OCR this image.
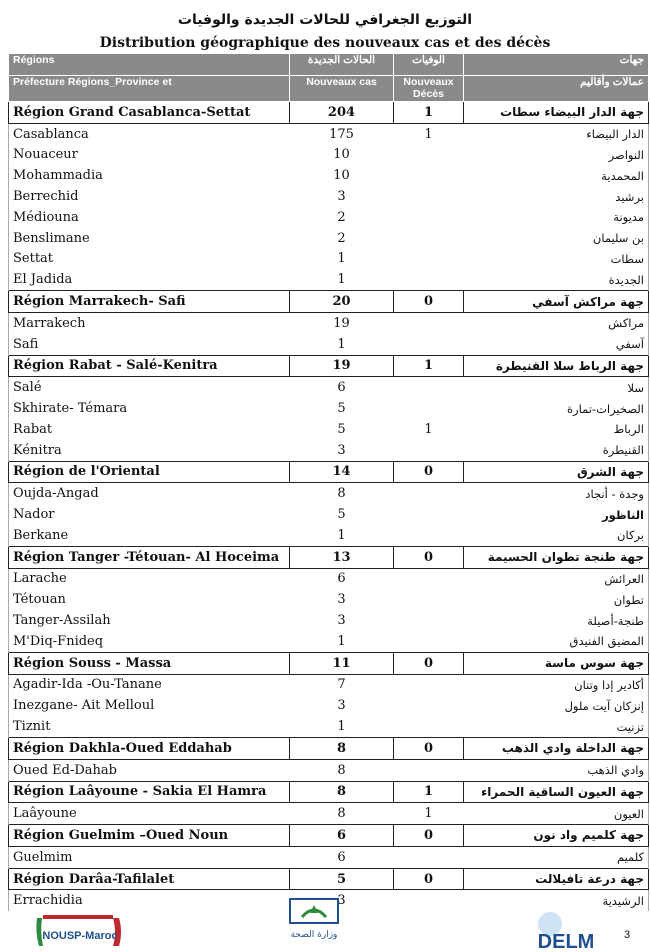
التوزيع الجغرافي للحالات الجديدة والوفيات
Distribution géographique des nouveaux cas et des décès
Régions	الحالات الجديدة	الوفيات	جهات
Préfecture Régions_Province et	Nouveaux cas	Nouveaux Décès	عمالات وأقاليم
Région Grand Casablanca-Settat	204	1	جهة الدار البيضاء سطات
Casablanca	175	1	الدار البيضاء
Nouaceur	10		النواصر
Mohammadia	10		المحمدية
Berrechid	3		برشيد
Médiouna	2		مديونة
Benslimane	2		بن سليمان
Settat	1		سطات
El Jadida	1		الجديدة
Région Marrakech- Safi	20	0	جهة مراكش آسفي
Marrakech	19		مراكش
Safi	1		آسفي
Région Rabat - Salé-Kenitra	19	1	جهة الرباط سلا القنيطرة
Salé	6		سلا
Skhirate- Témara	5		الصخيرات-تمارة
Rabat	5	1	الرباط
Kénitra	3		القنيطرة
Région de l'Oriental	14	0	جهة الشرق
Oujda-Angad	8		وجدة - أنجاد
Nador	5		الناظور
Berkane	1		بركان
Région Tanger -Tétouan- Al Hoceima	13	0	جهة طنجة تطوان الحسيمة
Larache	6		العرائش
Tétouan	3		تطوان
Tanger-Assilah	3		طنجة-أصيلة
M'Diq-Fnideq	1		المضيق الفنيدق
Région Souss - Massa	11	0	جهة سوس ماسة
Agadir-Ida -Ou-Tanane	7		أكادير إدا وتنان
Inezgane- Ait Melloul	3		إنزكان آيت ملول
Tiznit	1		تزنيت
Région Dakhla-Oued Eddahab	8	0	جهة الداخلة وادي الذهب
Oued Ed-Dahab	8		وادي الذهب
Région Laâyoune - Sakia El Hamra	8	1	جهة العيون الساقية الحمراء
Laâyoune	8	1	العيون
Région Guelmim –Oued Noun	6	0	جهة كلميم واد نون
Guelmim	6		كلميم
Région Darâa-Tafilalet	5	0	جهة درعة تافيلالت
Errachidia	3		الرشيدية
NOUSP-Maroc	وزارة الصحة	DELM	3
